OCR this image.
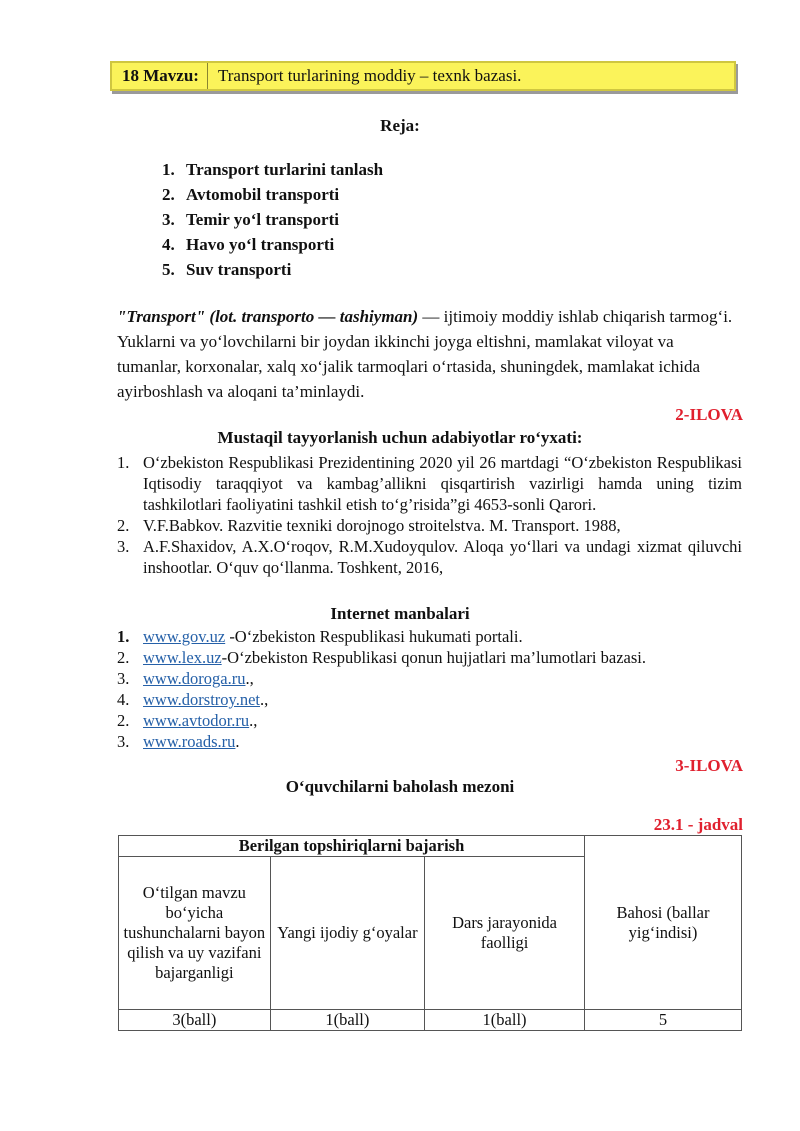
18 Mavzu:	Transport turlarining moddiy – texnk bazasi.
Reja:
1. Transport turlarini tanlash
2. Avtomobil transporti
3. Temir yo‘l transporti
4. Havo yo‘l transporti
5. Suv transporti
"Transport" (lot. transporto — tashiyman) — ijtimoiy moddiy ishlab chiqarish tarmog‘i. Yuklarni va yo‘lovchilarni bir joydan ikkinchi joyga eltishni, mamlakat viloyat va tumanlar, korxonalar, xalq xo‘jalik tarmoqlari o‘rtasida, shuningdek, mamlakat ichida ayirboshlash va aloqani ta’minlaydi.
2-ILOVA
Mustaqil tayyorlanish uchun adabiyotlar ro‘yxati:
1. O‘zbekiston Respublikasi Prezidentining 2020 yil 26 martdagi “O‘zbekiston Respublikasi Iqtisodiy taraqqiyot va kambag’allikni qisqartirish vazirligi hamda uning tizim tashkilotlari faoliyatini tashkil etish to‘g’risida”gi 4653-sonli Qarori.
2. V.F.Babkov. Razvitie texniki dorojnogo stroitelstva. M. Transport. 1988,
3. A.F.Shaxidov, A.X.O‘roqov, R.M.Xudoyqulov. Aloqa yo‘llari va undagi xizmat qiluvchi inshootlar. O‘quv qo‘llanma. Toshkent, 2016,
Internet manbalari
1. www.gov.uz -O‘zbekiston Respublikasi hukumati portali.
2. www.lex.uz-O‘zbekiston Respublikasi qonun hujjatlari ma’lumotlari bazasi.
3. www.doroga.ru.,
4. www.dorstroy.net.,
2. www.avtodor.ru.,
3. www.roads.ru.
3-ILOVA
O‘quvchilarni baholash mezoni
23.1 - jadval
Berilgan topshiriqlarni bajarish			Bahosi (ballar yig‘indisi)
O‘tilgan mavzu bo‘yicha tushunchalarni bayon qilish va uy vazifani bajarganligi	Yangi ijodiy g‘oyalar	Dars jarayonida faolligi	
3(ball)	1(ball)	1(ball)	5
